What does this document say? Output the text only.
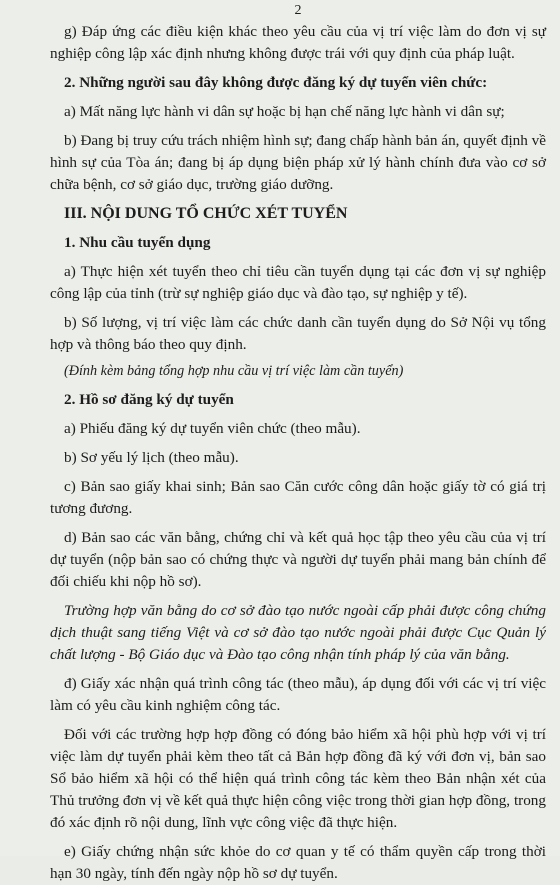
2

g) Đáp ứng các điều kiện khác theo yêu cầu của vị trí việc làm do đơn vị sự nghiệp công lập xác định nhưng không được trái với quy định của pháp luật.

2. Những người sau đây không được đăng ký dự tuyển viên chức:

a) Mất năng lực hành vi dân sự hoặc bị hạn chế năng lực hành vi dân sự;

b) Đang bị truy cứu trách nhiệm hình sự; đang chấp hành bản án, quyết định về hình sự của Tòa án; đang bị áp dụng biện pháp xử lý hành chính đưa vào cơ sở chữa bệnh, cơ sở giáo dục, trường giáo dưỡng.

III. NỘI DUNG TỔ CHỨC XÉT TUYỂN

1. Nhu cầu tuyển dụng

a) Thực hiện xét tuyển theo chỉ tiêu cần tuyển dụng tại các đơn vị sự nghiệp công lập của tỉnh (trừ sự nghiệp giáo dục và đào tạo, sự nghiệp y tế).

b) Số lượng, vị trí việc làm các chức danh cần tuyển dụng do Sở Nội vụ tổng hợp và thông báo theo quy định.

(Đính kèm bảng tổng hợp nhu cầu vị trí việc làm cần tuyển)

2. Hồ sơ đăng ký dự tuyển

a) Phiếu đăng ký dự tuyển viên chức (theo mẫu).

b) Sơ yếu lý lịch (theo mẫu).

c) Bản sao giấy khai sinh; Bản sao Căn cước công dân hoặc giấy tờ có giá trị tương đương.

d) Bản sao các văn bằng, chứng chỉ và kết quả học tập theo yêu cầu của vị trí dự tuyển (nộp bản sao có chứng thực và người dự tuyển phải mang bản chính để đối chiếu khi nộp hồ sơ).

Trường hợp văn bằng do cơ sở đào tạo nước ngoài cấp phải được công chứng dịch thuật sang tiếng Việt và cơ sở đào tạo nước ngoài phải được Cục Quản lý chất lượng - Bộ Giáo dục và Đào tạo công nhận tính pháp lý của văn bằng.

đ) Giấy xác nhận quá trình công tác (theo mẫu), áp dụng đối với các vị trí việc làm có yêu cầu kinh nghiệm công tác.

Đối với các trường hợp hợp đồng có đóng bảo hiểm xã hội phù hợp với vị trí việc làm dự tuyển phải kèm theo tất cả Bản hợp đồng đã ký với đơn vị, bản sao Sổ bảo hiểm xã hội có thể hiện quá trình công tác kèm theo Bản nhận xét của Thủ trưởng đơn vị về kết quả thực hiện công việc trong thời gian hợp đồng, trong đó xác định rõ nội dung, lĩnh vực công việc đã thực hiện.

e) Giấy chứng nhận sức khỏe do cơ quan y tế có thẩm quyền cấp trong thời hạn 30 ngày, tính đến ngày nộp hồ sơ dự tuyển.
